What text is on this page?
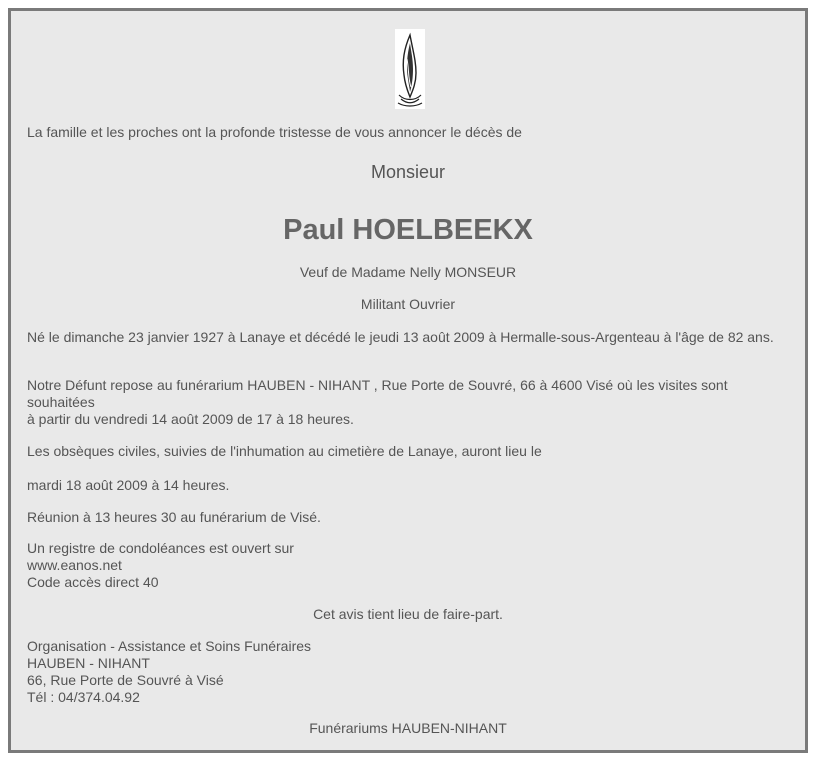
La famille et les proches ont la profonde tristesse de vous annoncer le décès de
Monsieur
Paul HOELBEEKX
Veuf de Madame Nelly MONSEUR
Militant Ouvrier
Né le dimanche 23 janvier 1927 à Lanaye et décédé le jeudi 13 août 2009 à Hermalle-sous-Argenteau à l'âge de 82 ans.
Notre Défunt repose au funérarium HAUBEN - NIHANT , Rue Porte de Souvré, 66 à 4600 Visé où les visites sont souhaitées
à partir du vendredi 14 août 2009 de 17 à 18 heures.
Les obsèques civiles, suivies de l'inhumation au cimetière de Lanaye, auront lieu le
mardi 18 août 2009 à 14 heures.
Réunion à 13 heures 30 au funérarium de Visé.
Un registre de condoléances est ouvert sur
www.eanos.net
Code accès direct 40
Cet avis tient lieu de faire-part.
Organisation - Assistance et Soins Funéraires
HAUBEN - NIHANT
66, Rue Porte de Souvré à Visé
Tél : 04/374.04.92
Funérariums HAUBEN-NIHANT
